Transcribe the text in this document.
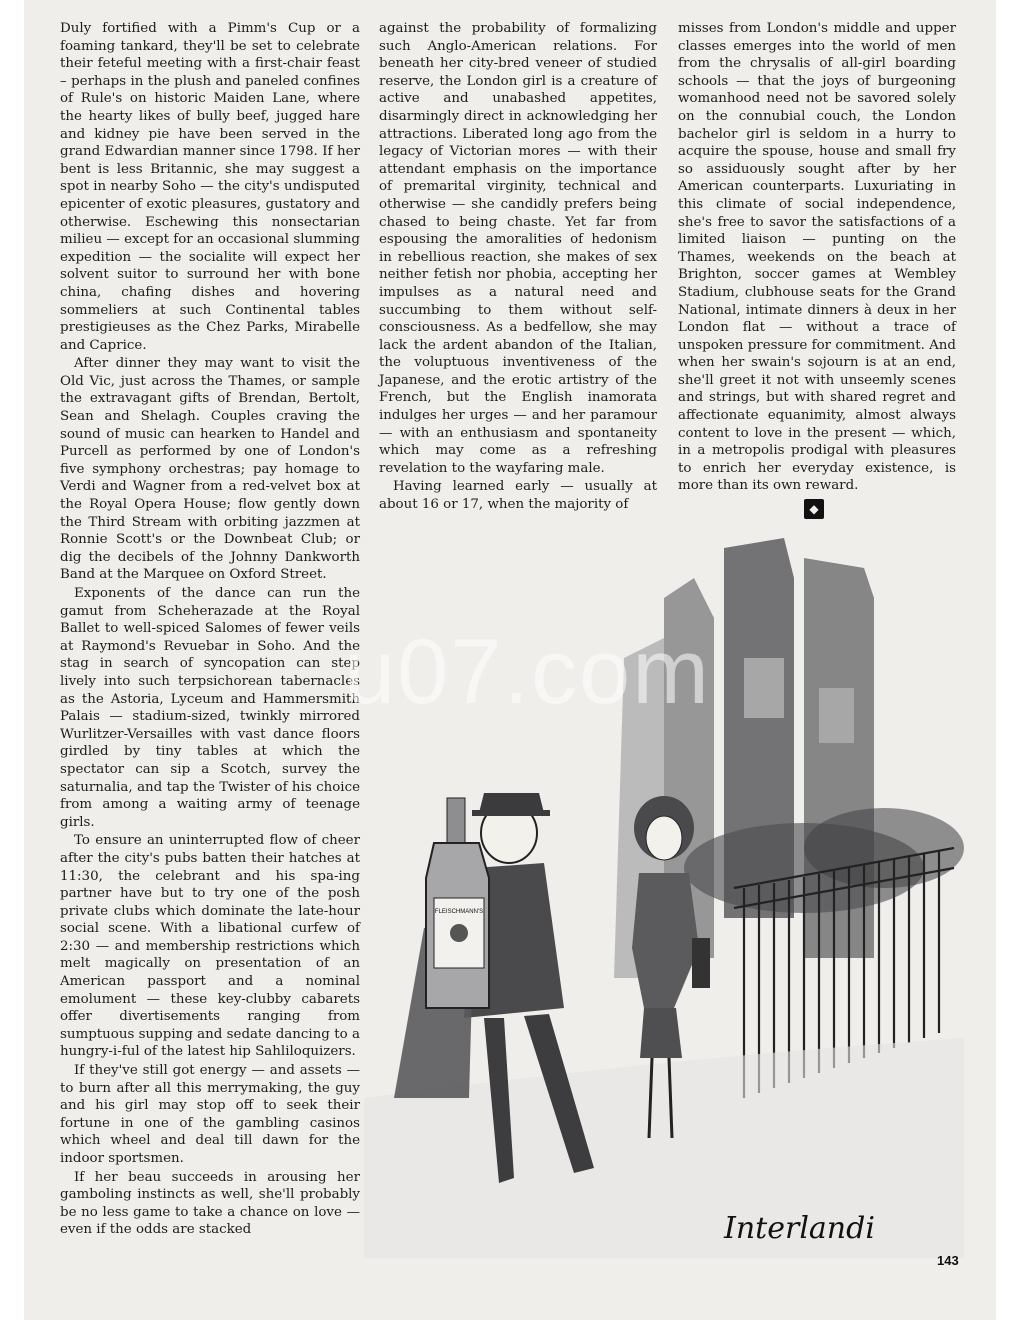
Duly fortified with a Pimm's Cup or a foaming tankard, they'll be set to celebrate their feteful meeting with a first-chair feast – perhaps in the plush and paneled confines of Rule's on historic Maiden Lane, where the hearty likes of bully beef, jugged hare and kidney pie have been served in the grand Edwardian manner since 1798. If her bent is less Britannic, she may suggest a spot in nearby Soho — the city's undisputed epicenter of exotic pleasures, gustatory and otherwise. Eschewing this nonsectarian milieu — except for an occasional slumming expedition — the socialite will expect her solvent suitor to surround her with bone china, chafing dishes and hovering sommeliers at such Continental tables prestigieuses as the Chez Parks, Mirabelle and Caprice.

After dinner they may want to visit the Old Vic, just across the Thames, or sample the extravagant gifts of Brendan, Bertolt, Sean and Shelagh. Couples craving the sound of music can hearken to Handel and Purcell as performed by one of London's five symphony orchestras; pay homage to Verdi and Wagner from a red-velvet box at the Royal Opera House; flow gently down the Third Stream with orbiting jazzmen at Ronnie Scott's or the Downbeat Club; or dig the decibels of the Johnny Dankworth Band at the Marquee on Oxford Street.

Exponents of the dance can run the gamut from Scheherazade at the Royal Ballet to well-spiced Salomes of fewer veils at Raymond's Revuebar in Soho. And the stag in search of syncopation can step lively into such terpsichorean tabernacles as the Astoria, Lyceum and Hammersmith Palais — stadium-sized, twinkly mirrored Wurlitzer-Versailles with vast dance floors girdled by tiny tables at which the spectator can sip a Scotch, survey the saturnalia, and tap the Twister of his choice from among a waiting army of teenage girls.

To ensure an uninterrupted flow of cheer after the city's pubs batten their hatches at 11:30, the celebrant and his spa-ing partner have but to try one of the posh private clubs which dominate the late-hour social scene. With a libational curfew of 2:30 — and membership restrictions which melt magically on presentation of an American passport and a nominal emolument — these key-clubby cabarets offer divertisements ranging from sumptuous supping and sedate dancing to a hungry-i-ful of the latest hip Sahliloquizers.

If they've still got energy — and assets — to burn after all this merrymaking, the guy and his girl may stop off to seek their fortune in one of the gambling casinos which wheel and deal till dawn for the indoor sportsmen.

If her beau succeeds in arousing her gamboling instincts as well, she'll probably be no less game to take a chance on love — even if the odds are stacked

against the probability of formalizing such Anglo-American relations. For beneath her city-bred veneer of studied reserve, the London girl is a creature of active and unabashed appetites, disarmingly direct in acknowledging her attractions. Liberated long ago from the legacy of Victorian mores — with their attendant emphasis on the importance of premarital virginity, technical and otherwise — she candidly prefers being chased to being chaste. Yet far from espousing the amoralities of hedonism in rebellious reaction, she makes of sex neither fetish nor phobia, accepting her impulses as a natural need and succumbing to them without self-consciousness. As a bedfellow, she may lack the ardent abandon of the Italian, the voluptuous inventiveness of the Japanese, and the erotic artistry of the French, but the English inamorata indulges her urges — and her paramour — with an enthusiasm and spontaneity which may come as a refreshing revelation to the wayfaring male.

Having learned early — usually at about 16 or 17, when the majority of

misses from London's middle and upper classes emerges into the world of men from the chrysalis of all-girl boarding schools — that the joys of burgeoning womanhood need not be savored solely on the connubial couch, the London bachelor girl is seldom in a hurry to acquire the spouse, house and small fry so assiduously sought after by her American counterparts. Luxuriating in this climate of social independence, she's free to savor the satisfactions of a limited liaison — punting on the Thames, weekends on the beach at Brighton, soccer games at Wembley Stadium, clubhouse seats for the Grand National, intimate dinners à deux in her London flat — without a trace of unspoken pressure for commitment. And when her swain's sojourn is at an end, she'll greet it not with unseemly scenes and strings, but with shared regret and affectionate equanimity, almost always content to love in the present — which, in a metropolis prodigal with pleasures to enrich her everyday existence, is more than its own reward.

◆
FLEISCHMANN'S
Interlandi
u07.com
143
